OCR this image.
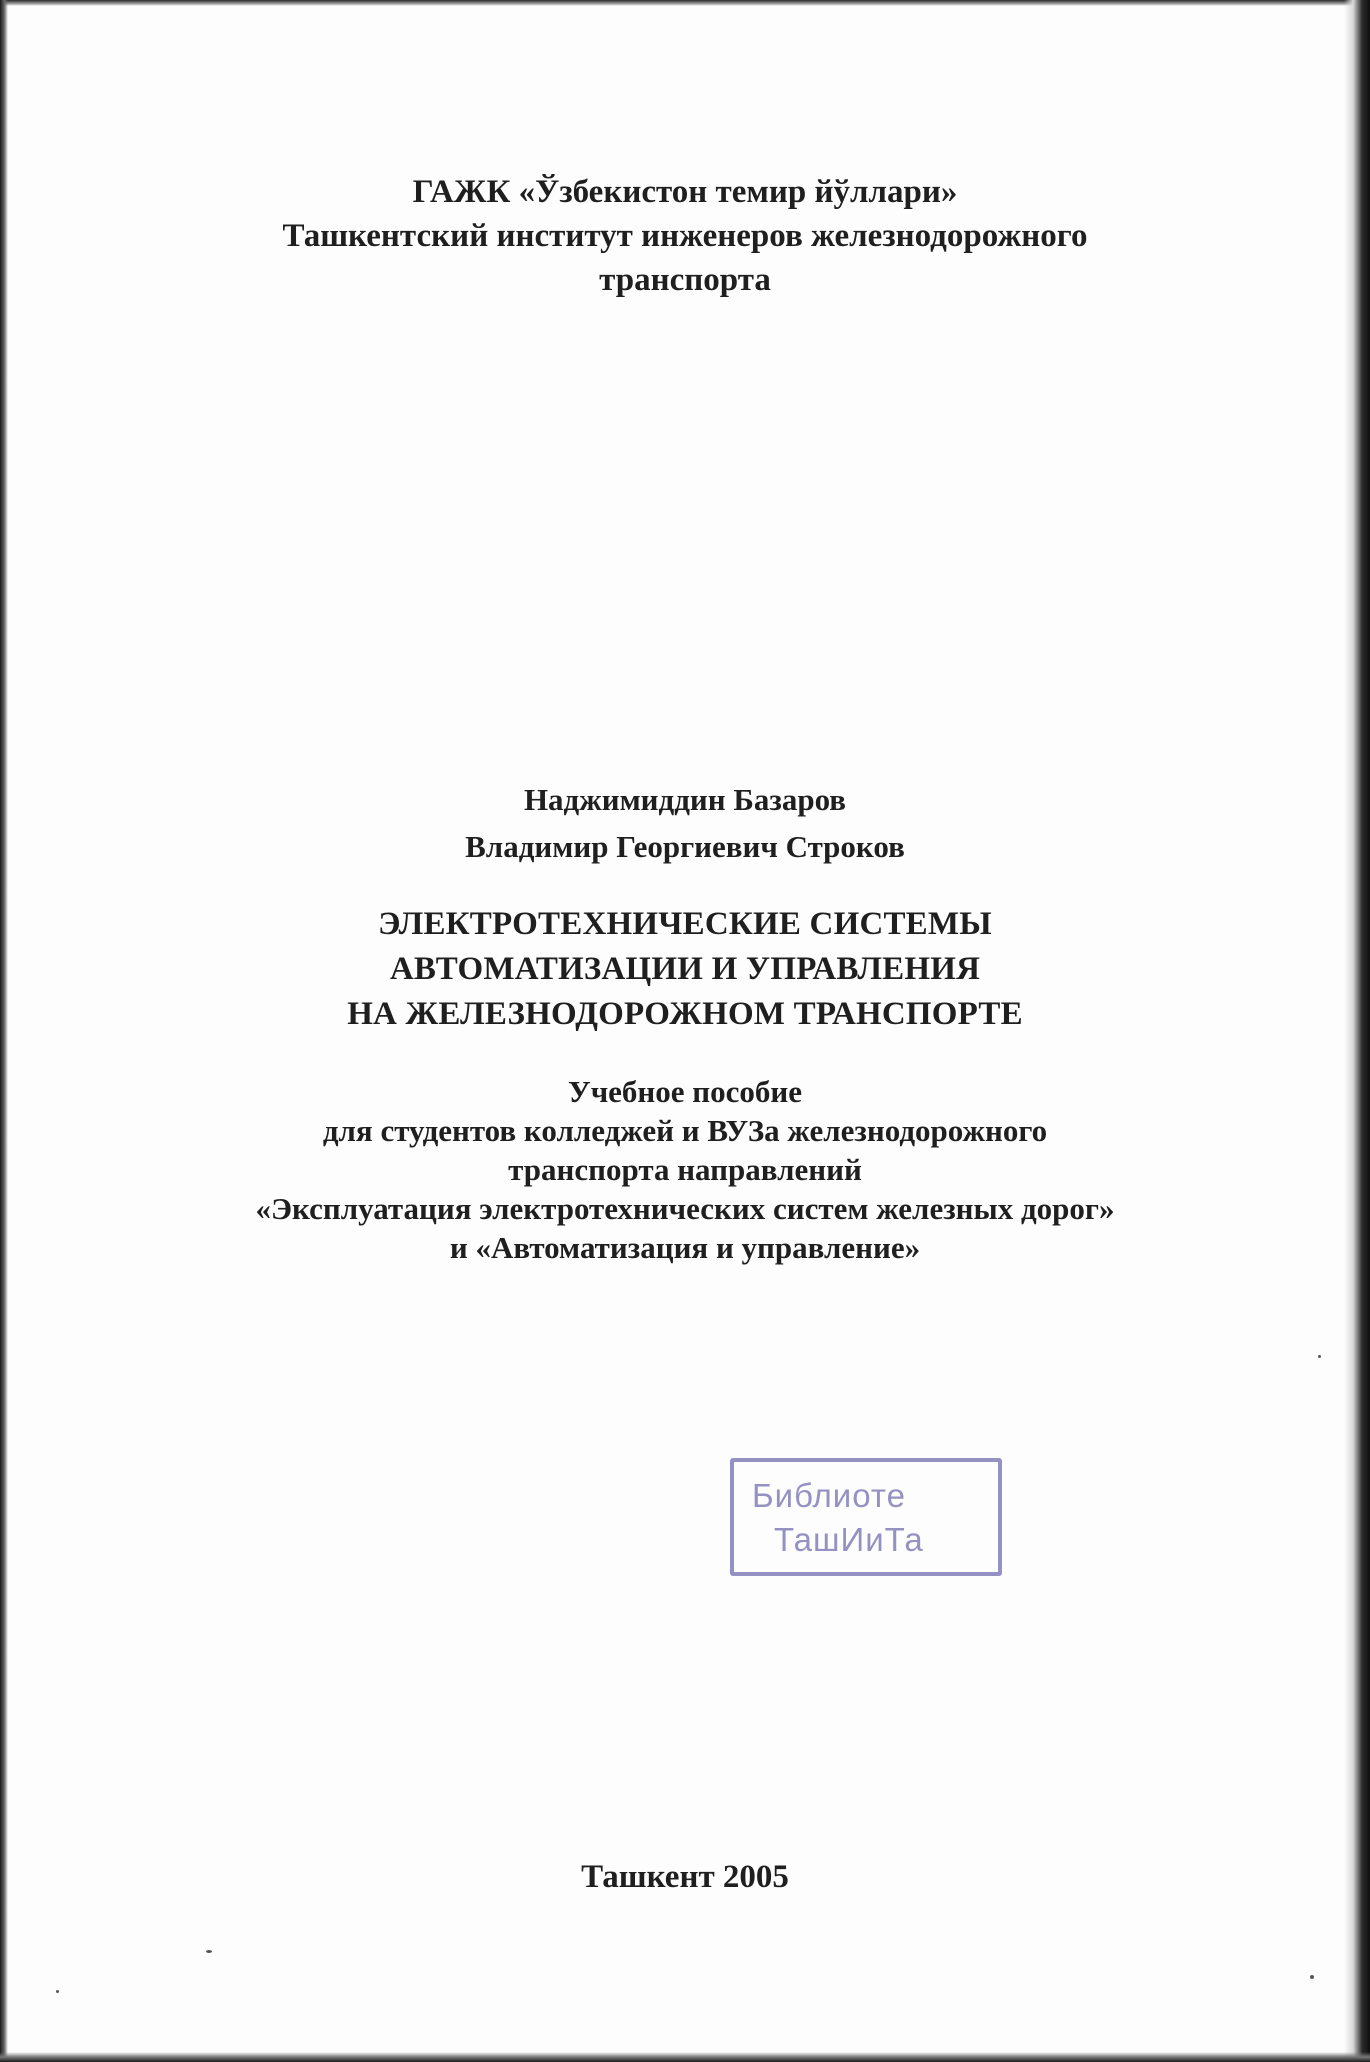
ГАЖК «Ўзбекистон темир йўллари»
Ташкентский институт инженеров железнодорожного
транспорта
Наджимиддин Базаров
Владимир Георгиевич Строков
ЭЛЕКТРОТЕХНИЧЕСКИЕ СИСТЕМЫ
АВТОМАТИЗАЦИИ И УПРАВЛЕНИЯ
НА ЖЕЛЕЗНОДОРОЖНОМ ТРАНСПОРТЕ
Учебное пособие
для студентов колледжей и ВУЗа железнодорожного
транспорта направлений
«Эксплуатация электротехнических систем железных дорог»
и «Автоматизация и управление»
Библиоте
ТашИиТа
Ташкент 2005
